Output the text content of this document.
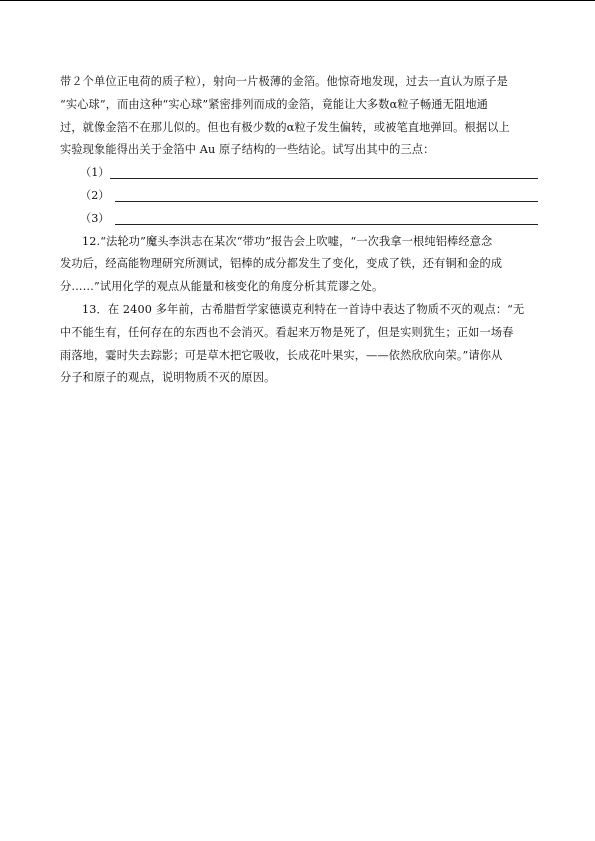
带２个单位正电荷的质子粒），射向一片极薄的金箔。他惊奇地发现，过去一直认为原子是
“实心球”，而由这种“实心球”紧密排列而成的金箔，竟能让大多数α粒子畅通无阻地通
过，就像金箔不在那儿似的。但也有极少数的α粒子发生偏转，或被笔直地弹回。根据以上
实验现象能得出关于金箔中 Au 原子结构的一些结论。试写出其中的三点：
（1）
（2）
（3）
12.“法轮功”魔头李洪志在某次“带功”报告会上吹嘘，“一次我拿一根纯铝棒经意念
发功后，经高能物理研究所测试，铝棒的成分都发生了变化，变成了铁，还有铜和金的成
分……”试用化学的观点从能量和核变化的角度分析其荒谬之处。
13．在 2400 多年前，古希腊哲学家德谟克利特在一首诗中表达了物质不灭的观点：“无
中不能生有，任何存在的东西也不会消灭。看起来万物是死了，但是实则犹生；正如一场春
雨落地，霎时失去踪影；可是草木把它吸收，长成花叶果实，——依然欣欣向荣。”请你从
分子和原子的观点，说明物质不灭的原因。
